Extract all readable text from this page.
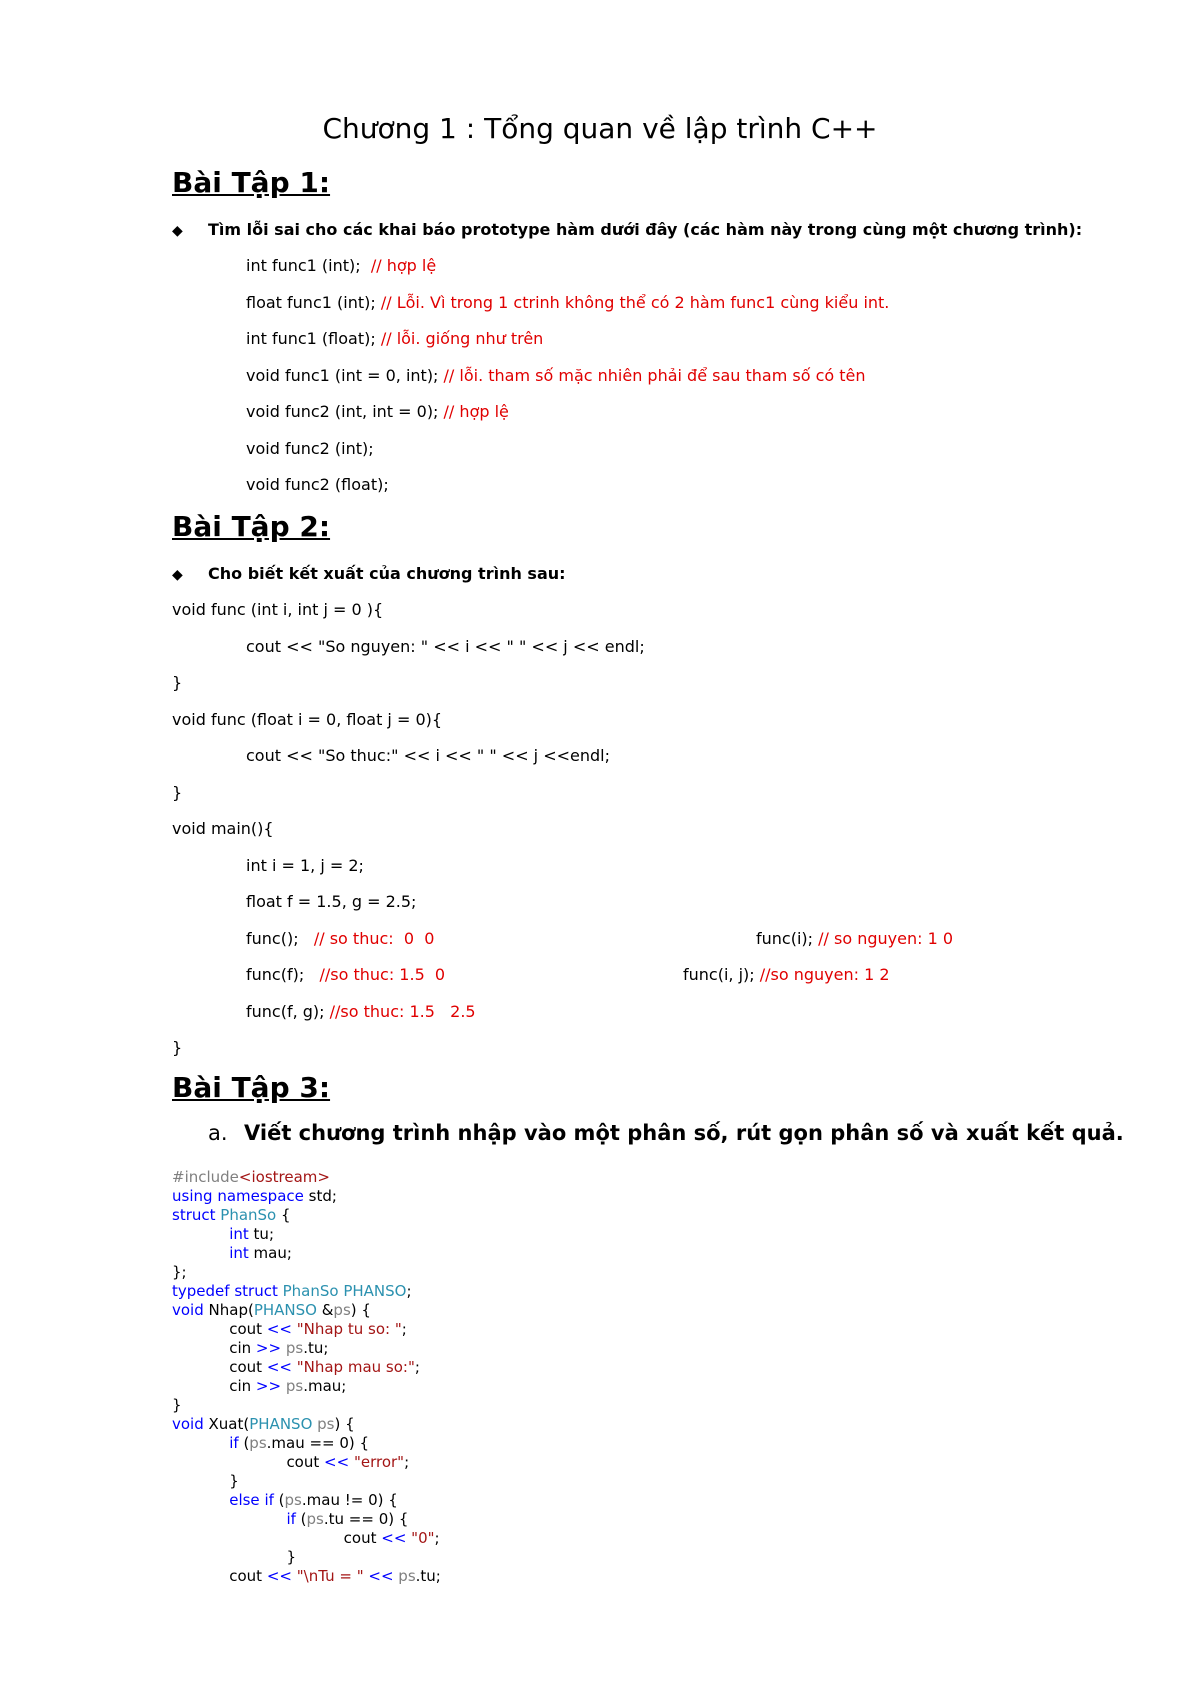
Chương 1 : Tổng quan về lập trình C++
Bài Tập 1:
◆ Tìm lỗi sai cho các khai báo prototype hàm dưới đây (các hàm này trong cùng một chương trình):
int func1 (int);  // hợp lệ
float func1 (int); // Lỗi. Vì trong 1 ctrinh không thể có 2 hàm func1 cùng kiểu int.
int func1 (float); // lỗi. giống như trên
void func1 (int = 0, int); // lỗi. tham số mặc nhiên phải để sau tham số có tên
void func2 (int, int = 0); // hợp lệ
void func2 (int);
void func2 (float);
Bài Tập 2:
◆ Cho biết kết xuất của chương trình sau:
void func (int i, int j = 0 ){
cout << "So nguyen: " << i << " " << j << endl;
}
void func (float i = 0, float j = 0){
cout << "So thuc:" << i << " " << j <<endl;
}
void main(){
int i = 1, j = 2;
float f = 1.5, g = 2.5;
func();   // so thuc:  0  0	func(i); // so nguyen: 1 0
func(f);   //so thuc: 1.5  0	func(i, j); //so nguyen: 1 2
func(f, g); //so thuc: 1.5   2.5
}
Bài Tập 3:
a. Viết chương trình nhập vào một phân số, rút gọn phân số và xuất kết quả.
#include<iostream>
using namespace std;
struct PhanSo {
			int tu;
			int mau;
};
typedef struct PhanSo PHANSO;
void Nhap(PHANSO &ps) {
			cout << "Nhap tu so: ";
			cin >> ps.tu;
			cout << "Nhap mau so:";
			cin >> ps.mau;
}
void Xuat(PHANSO ps) {
			if (ps.mau == 0) {
						cout << "error";
			}
			else if (ps.mau != 0) {
						if (ps.tu == 0) {
									cout << "0";
						}
			cout << "\nTu = " << ps.tu;
